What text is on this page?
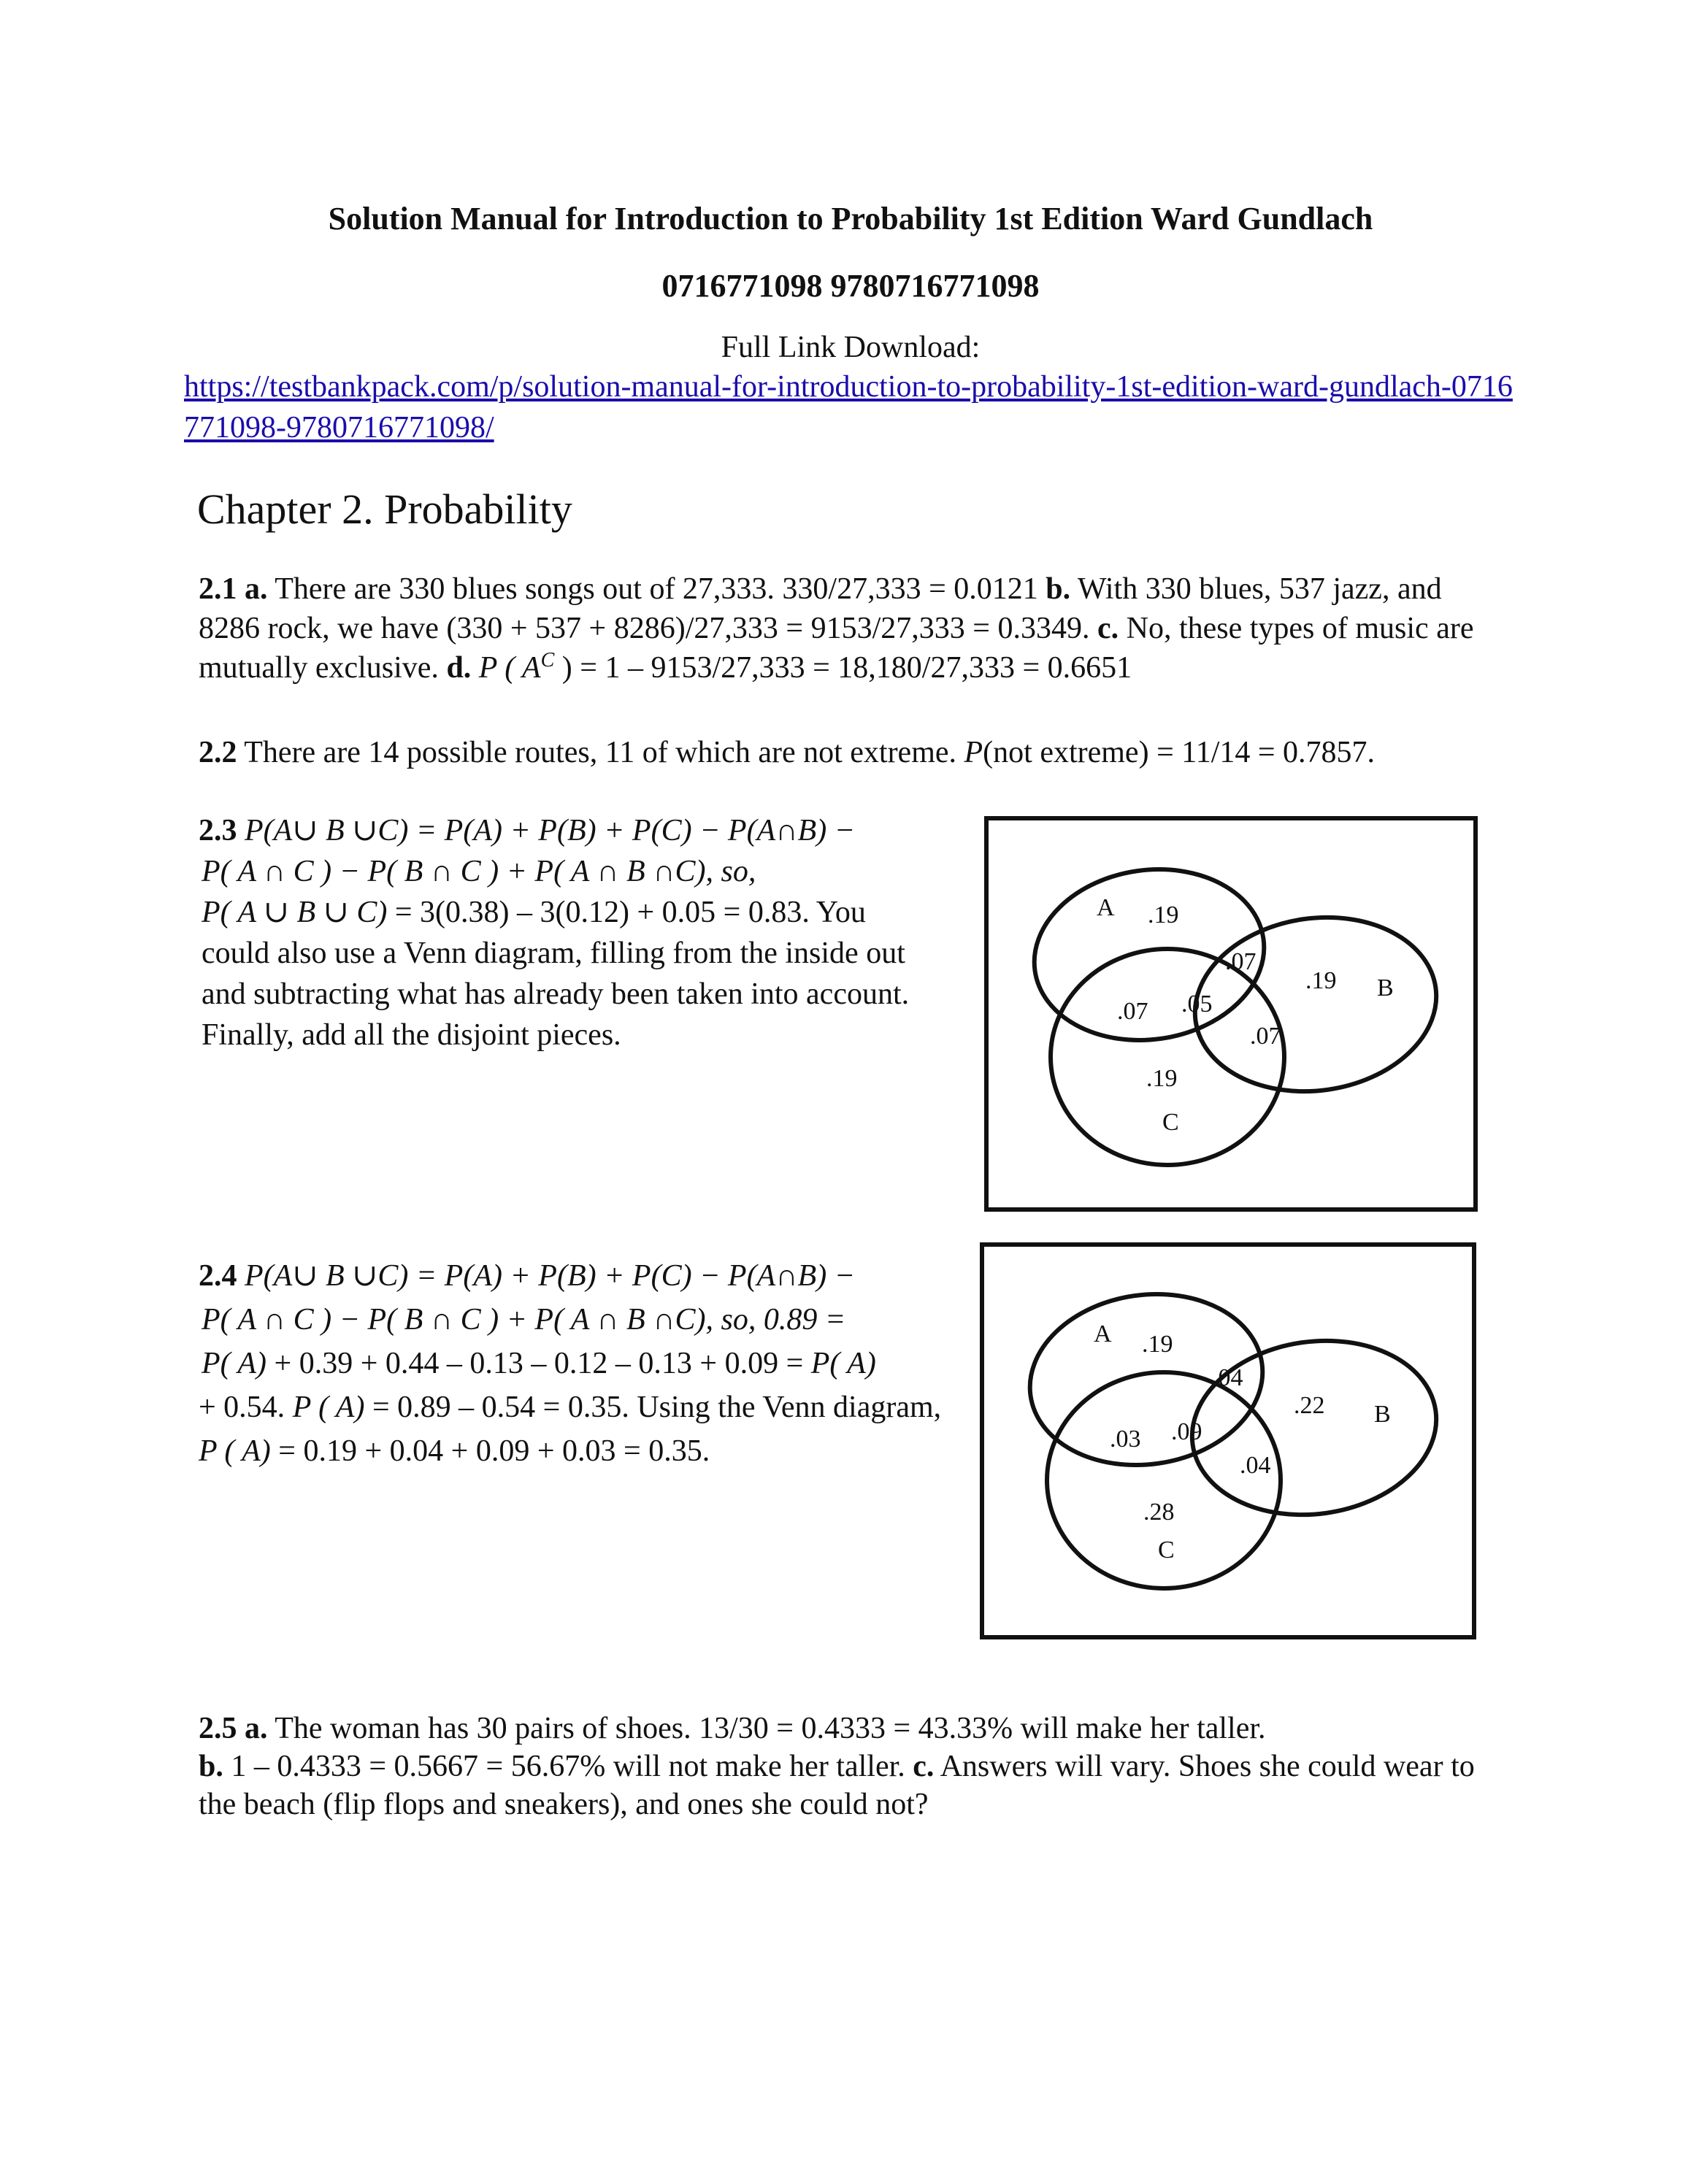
Solution Manual for Introduction to Probability 1st Edition Ward Gundlach
0716771098 9780716771098
Full Link Download:
https://testbankpack.com/p/solution-manual-for-introduction-to-probability-1st-edition-ward-gundlach-0716771098-9780716771098/
Chapter 2. Probability
2.1 a. There are 330 blues songs out of 27,333. 330/27,333 = 0.0121 b. With 330 blues, 537 jazz, and 8286 rock, we have (330 + 537 + 8286)/27,333 = 9153/27,333 = 0.3349. c. No, these types of music are mutually exclusive. d. P ( $A^C$ ) = 1 – 9153/27,333 = 18,180/27,333 = 0.6651
2.2 There are 14 possible routes, 11 of which are not extreme. P(not extreme) = 11/14 = 0.7857.
2.3 P(A∪ B ∪C) = P(A) + P(B) + P(C) − P(A∩B) −
P( A ∩ C ) − P( B ∩ C ) + P( A ∩ B ∩C), so,
P( A ∪ B ∪ C) = 3(0.38) – 3(0.12) + 0.05 = 0.83. You could also use a Venn diagram, filling from the inside out and subtracting what has already been taken into account. Finally, add all the disjoint pieces.
A .19
.07
.19 B
.07 .05
.07
.19
C
2.4 P(A∪ B ∪C) = P(A) + P(B) + P(C) − P(A∩B) −
P( A ∩ C ) − P( B ∩ C ) + P( A ∩ B ∩C), so, 0.89 =
P( A) + 0.39 + 0.44 – 0.13 – 0.12 – 0.13 + 0.09 = P( A)
+ 0.54. P ( A) = 0.89 – 0.54 = 0.35. Using the Venn diagram, P ( A) = 0.19 + 0.04 + 0.09 + 0.03 = 0.35.
A .19
.04
.22 B
.03 .09
.04
.28
C
2.5 a. The woman has 30 pairs of shoes. 13/30 = 0.4333 = 43.33% will make her taller.
b. 1 – 0.4333 = 0.5667 = 56.67% will not make her taller. c. Answers will vary. Shoes she could wear to the beach (flip flops and sneakers), and ones she could not?
